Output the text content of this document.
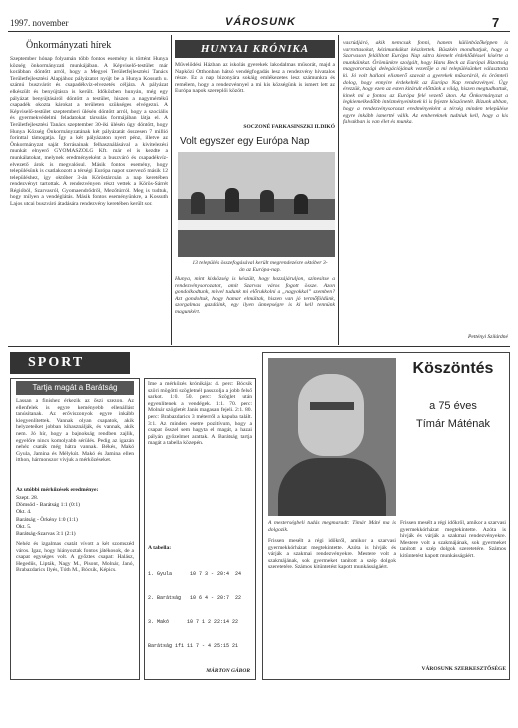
1997. november	VÁROSUNK	7
Önkormányzati hírek
Szeptember hónap folyamán több fontos esemény is történt Hunya község önkormányzati munkájában. A Képviselő-testület már korábban döntött arról, hogy a Megyei Területfejlesztési Tanács Területfejlesztési Alapjához pályázatot nyújt be a Hunya Kossuth u. számú buszvárót és csapadékvíz-elvezetés céljára. A pályázat elkészült és benyújtásra is került. Időközben hunyán, még egy pályázat benyújtásáról döntött a testület, hiszen a nagymértékű csapadék okozta károkat a területen szükséges elvégezni. A Képviselő-testület szeptemberi ülésén döntött arról, hogy a szociális és gyermekvédelmi feladatokat társulás formájában látja el. A Területfejlesztési Tanács szeptember 30-iki ülésén úgy döntött, hogy Hunya Község Önkormányzatának két pályázatát összesen 7 millió forinttal támogatja. Így a két pályázaton nyert pénz, illetve az Önkormányzat saját forrásainak felhasználásával a kivitelezési munkát elnyerő GYOMASZOLG Kft. már el is kezdte a munkálatokat, melynek eredményeként a buszváró és csapadékvíz-elvezető árok is megvalósul. Másik fontos esemény, hogy településünk is csatlakozott a térségi Európa napot szervező másik 12 településhez, így október 3-án Köröstárcsán a nap keretében rendezvényt tartottak. A rendezvényen részt vettek a Körös-Sárrét Régióból, Szarvasról, Gyomaendrődről, Mezőtúrról. Meg is tudtuk, hogy milyen a vendéglátás. Másik fontos eseményünkre, a Kossuth Lajos utcai buszváró átadására rendezvény keretében került sor.
HUNYAI KRÓNIKA
Művelődési Házban az iskolás gyerekek lakodalmas műsorát, majd a Napközi Otthonban hátsó vendégfogadás lesz a rendezvény hivatalos része. Ez a nap bizonyára sokáig emlékezetes lesz számunkra és remélem, hogy a rendezvénnyel a mi kis községünk is ismert lett az Európa napok szereplői között.
SOCZONÉ FARKASINSZKI ILDIKÓ
Volt egyszer egy Európa Nap
13 település összefogásával került megrendezésre október 3-án az Európa-nap.
Hunya, mint kisközség is készült, hogy hozzájáruljon, színesítse a rendezvénysorozatot, amit Szarvas város fogott össze. Azon gondolkodtunk, mivel tudunk mi előrukkolni a „nagyokkal” szemben? Azt gondoltuk, hogy hamar elmúltak, hiszen van jó termőföldünk, szorgalmas gazdáink, egy ilyen ünnepségre is ki kell tennünk magunkért.
vasrúdjáró, akik nemcsak fonni, hanem különbözőképpen is varrottasokat, kézimunkákat készítettek. Büszkén mondhatjuk, hogy a Szarvason felállított Európa Nap sátra kiemelt érdeklődéssel kísérte a munkáinkat. Örömünkre szolgált, hogy Hans Beck az Európai Bizottság magyarországi delegációjának vezetője a mi településünket választotta ki. Jó volt hallani elismerő szavait a gyerekek műsoráról, és örömteli dolog, hogy ennyire érdekelték az Európa Nap rendezvényei. Úgy érezzük, hogy ezen az esten kitárult előttünk a világ, hiszen megtudhattuk, kinek mi a fontos az Európa felé vezető úton. Az Önkormányzat a legkiemelkedőbb intézményeinknek ki is fejezte köszönetét. Bízunk abban, hogy a rendezvénysorozat eredményeként a térség minden települése egyre inkább ismertté válik. Az embereknek tudniuk kell, hogy a kis falvakban is van élet és munka.
Pettényi Szilárdné
SPORT
Tartja magát a Barátság
Lassan a finishez érkezik az őszi szezon. Az ellenfelek is egyre keményebb ellenállást tanúsítanak. Az erőviszonyok egyre inkább kiegyenlítettek. Vannak olyan csapatok, akik helyzeteiket jobban kihasználják, és vannak, akik nem. Jó hír, hogy a bajnokság rendben zajlik, egyelőre nincs komolyabb sérülés. Pedig az igazán nehéz csaták még hátra vannak. Békés, Makó Gyula, Jamina és Mélykút. Makó és Jamina ellen itthon, hármonszor vívjuk a mérkőzéseket.
Az utóbbi mérkőzések eredménye:
Szept. 28.
Dömsöd - Barátság 1:1 (0:1)
Okt. 4.
Barátság - Örkény 1:0 (1:1)
Okt. 5.
Barátság-Szarvas 3:1 (2:1)
Nehéz és izgalmas csatát vívott a két szomszéd város. Igaz, hogy hiányoztak fontos játékosok, de a csapat egységes volt. A győztes csapat: Halász, Hegedűs, Lipták, Nagy M., Pisont, Molnár, Janó, Brabazdarics Ilyés, Tóth M., Bócsik, Képics.
Íme a mérkőzés krónikája: 4. perc: Bócsik szöri mögötti szögletnél passzolja a jobb felső sarkot. 1:0. 50. perc: Szöglet után egyenlítenek a vendégek. 1:1. 70. perc: Molnár szögletét Janis magasan fejeli. 2:1. 80. perc: Brabazdarics 3 méterről a kapuba talált. 3:1. Az minden esetre pozitívum, hogy a csapat ősszel sem hagyta el magát, a hazai pályán győzelmet arattak. A Barátság tartja magát a tabella közepén.
A tabella:

1. Gyula      10 7 3 - 20:4  24

2. Barátság   10 6 4 - 20:7  22

3. Makó      10 7 1 2 22:14 22

Barátság ifi 11 7 - 4 25:15 21

MÁRTON GÁBOR
Köszöntés
a 75 éves
Tímár Máténak
Frissen mesélt a régi időkről, amikor a szarvasi gyermekkórházat megtekintette. Azóta is hívják és várják a szakmai rendezvényekre. Mestere volt a szakmájának, sok gyermeket tanított a szép dolgok szeretetére. Számos kitüntetést kapott munkásságáért.
A mesterségbeli tudás megmaradt: Tímár Máté ma is dolgozik.
Frissen mesélt a régi időkről, amikor a szarvasi gyermekkórházat megtekintette. Azóta is hívják és várják a szakmai rendezvényekre. Mestere volt a szakmájának, sok gyermeket tanított a szép dolgok szeretetére. Számos kitüntetést kapott munkásságáért.
VÁROSUNK SZERKESZTŐSÉGE
